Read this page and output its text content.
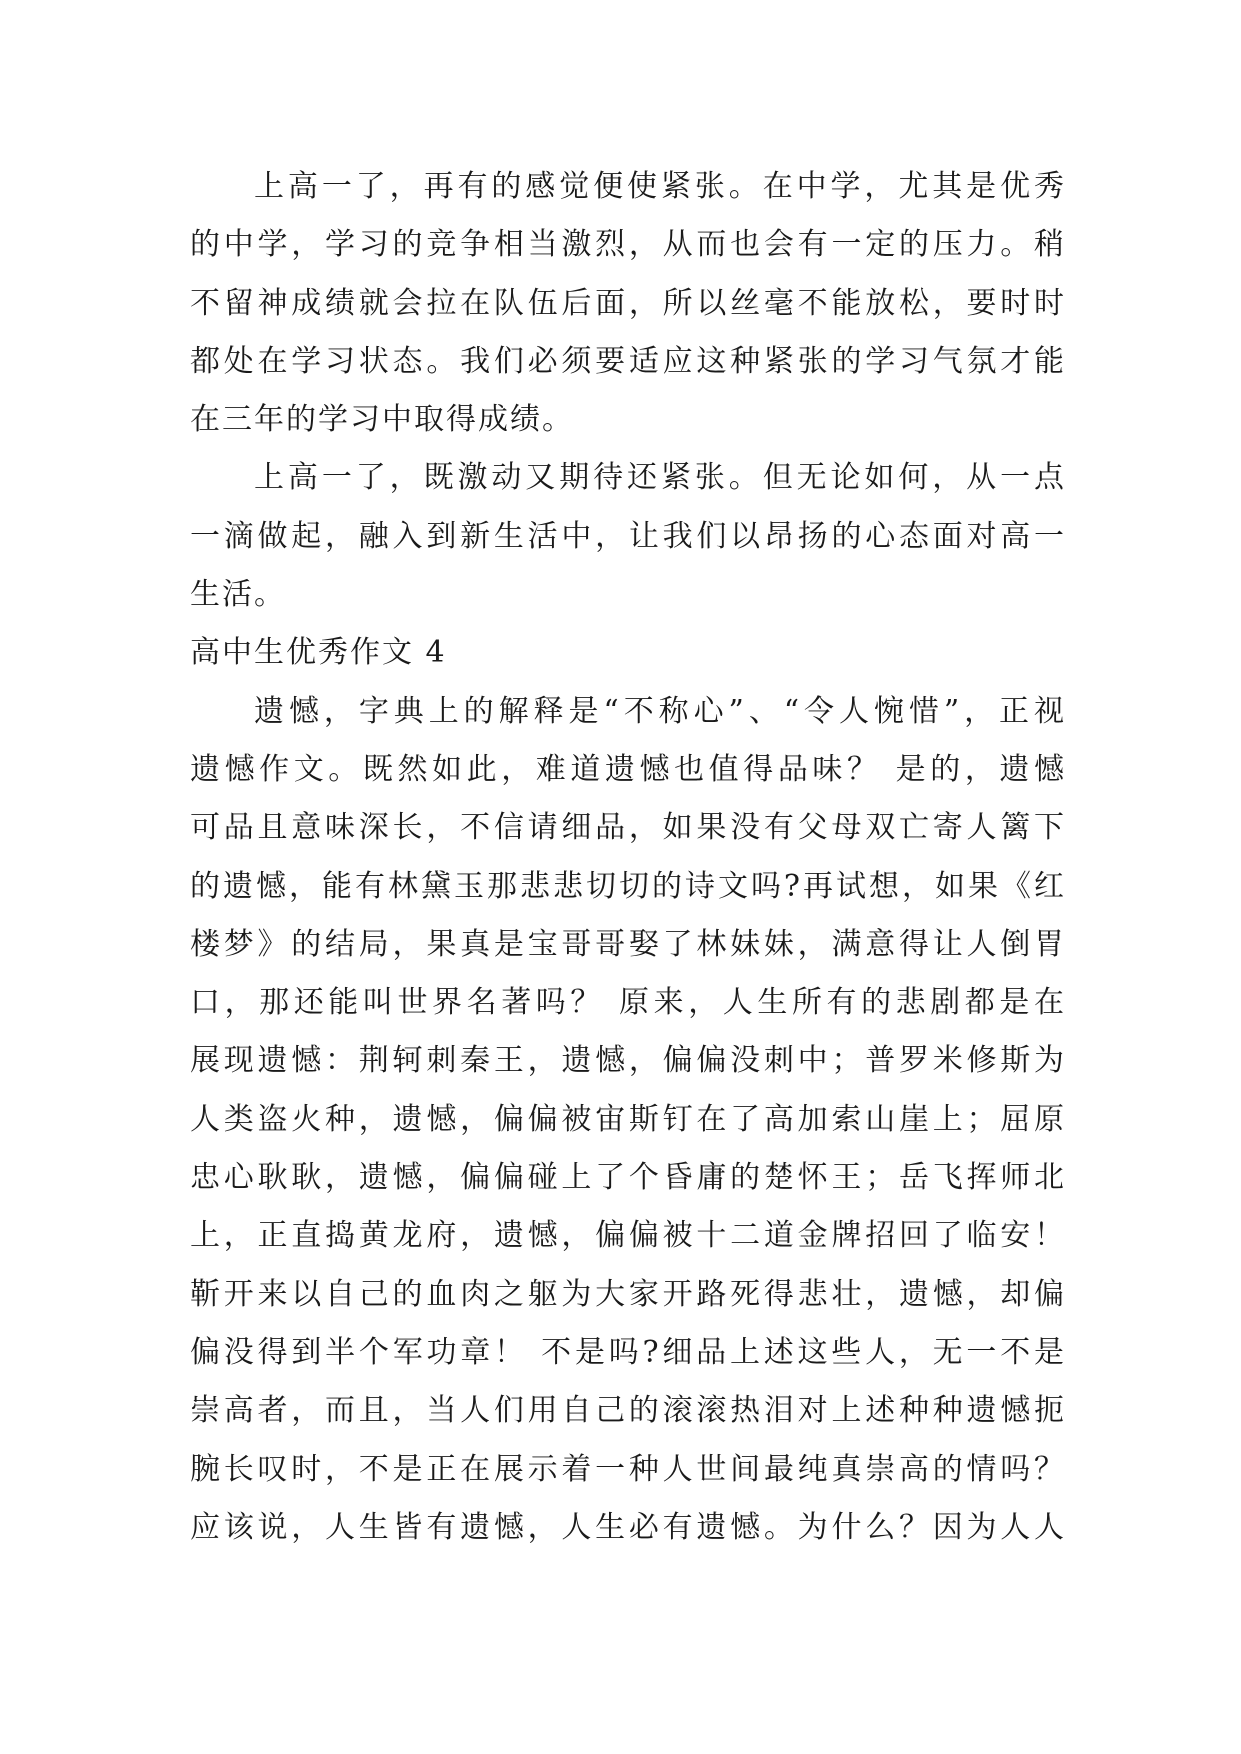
上高一了，再有的感觉便使紧张。在中学，尤其是优秀
的中学，学习的竞争相当激烈，从而也会有一定的压力。稍
不留神成绩就会拉在队伍后面，所以丝毫不能放松，要时时
都处在学习状态。我们必须要适应这种紧张的学习气氛才能
在三年的学习中取得成绩。
上高一了，既激动又期待还紧张。但无论如何，从一点
一滴做起，融入到新生活中，让我们以昂扬的心态面对高一
生活。
高中生优秀作文 4
遗憾，字典上的解释是“不称心”、“令人惋惜”，正视
遗憾作文。既然如此，难道遗憾也值得品味？ 是的，遗憾
可品且意味深长，不信请细品，如果没有父母双亡寄人篱下
的遗憾，能有林黛玉那悲悲切切的诗文吗?再试想，如果《红
楼梦》的结局，果真是宝哥哥娶了林妹妹，满意得让人倒胃
口，那还能叫世界名著吗？ 原来，人生所有的悲剧都是在
展现遗憾：荆轲刺秦王，遗憾，偏偏没刺中；普罗米修斯为
人类盗火种，遗憾，偏偏被宙斯钉在了高加索山崖上；屈原
忠心耿耿，遗憾，偏偏碰上了个昏庸的楚怀王；岳飞挥师北
上，正直捣黄龙府，遗憾，偏偏被十二道金牌招回了临安！
靳开来以自己的血肉之躯为大家开路死得悲壮，遗憾，却偏
偏没得到半个军功章！ 不是吗?细品上述这些人，无一不是
崇高者，而且，当人们用自己的滚滚热泪对上述种种遗憾扼
腕长叹时，不是正在展示着一种人世间最纯真崇高的情吗？
应该说，人生皆有遗憾，人生必有遗憾。为什么？因为人人
